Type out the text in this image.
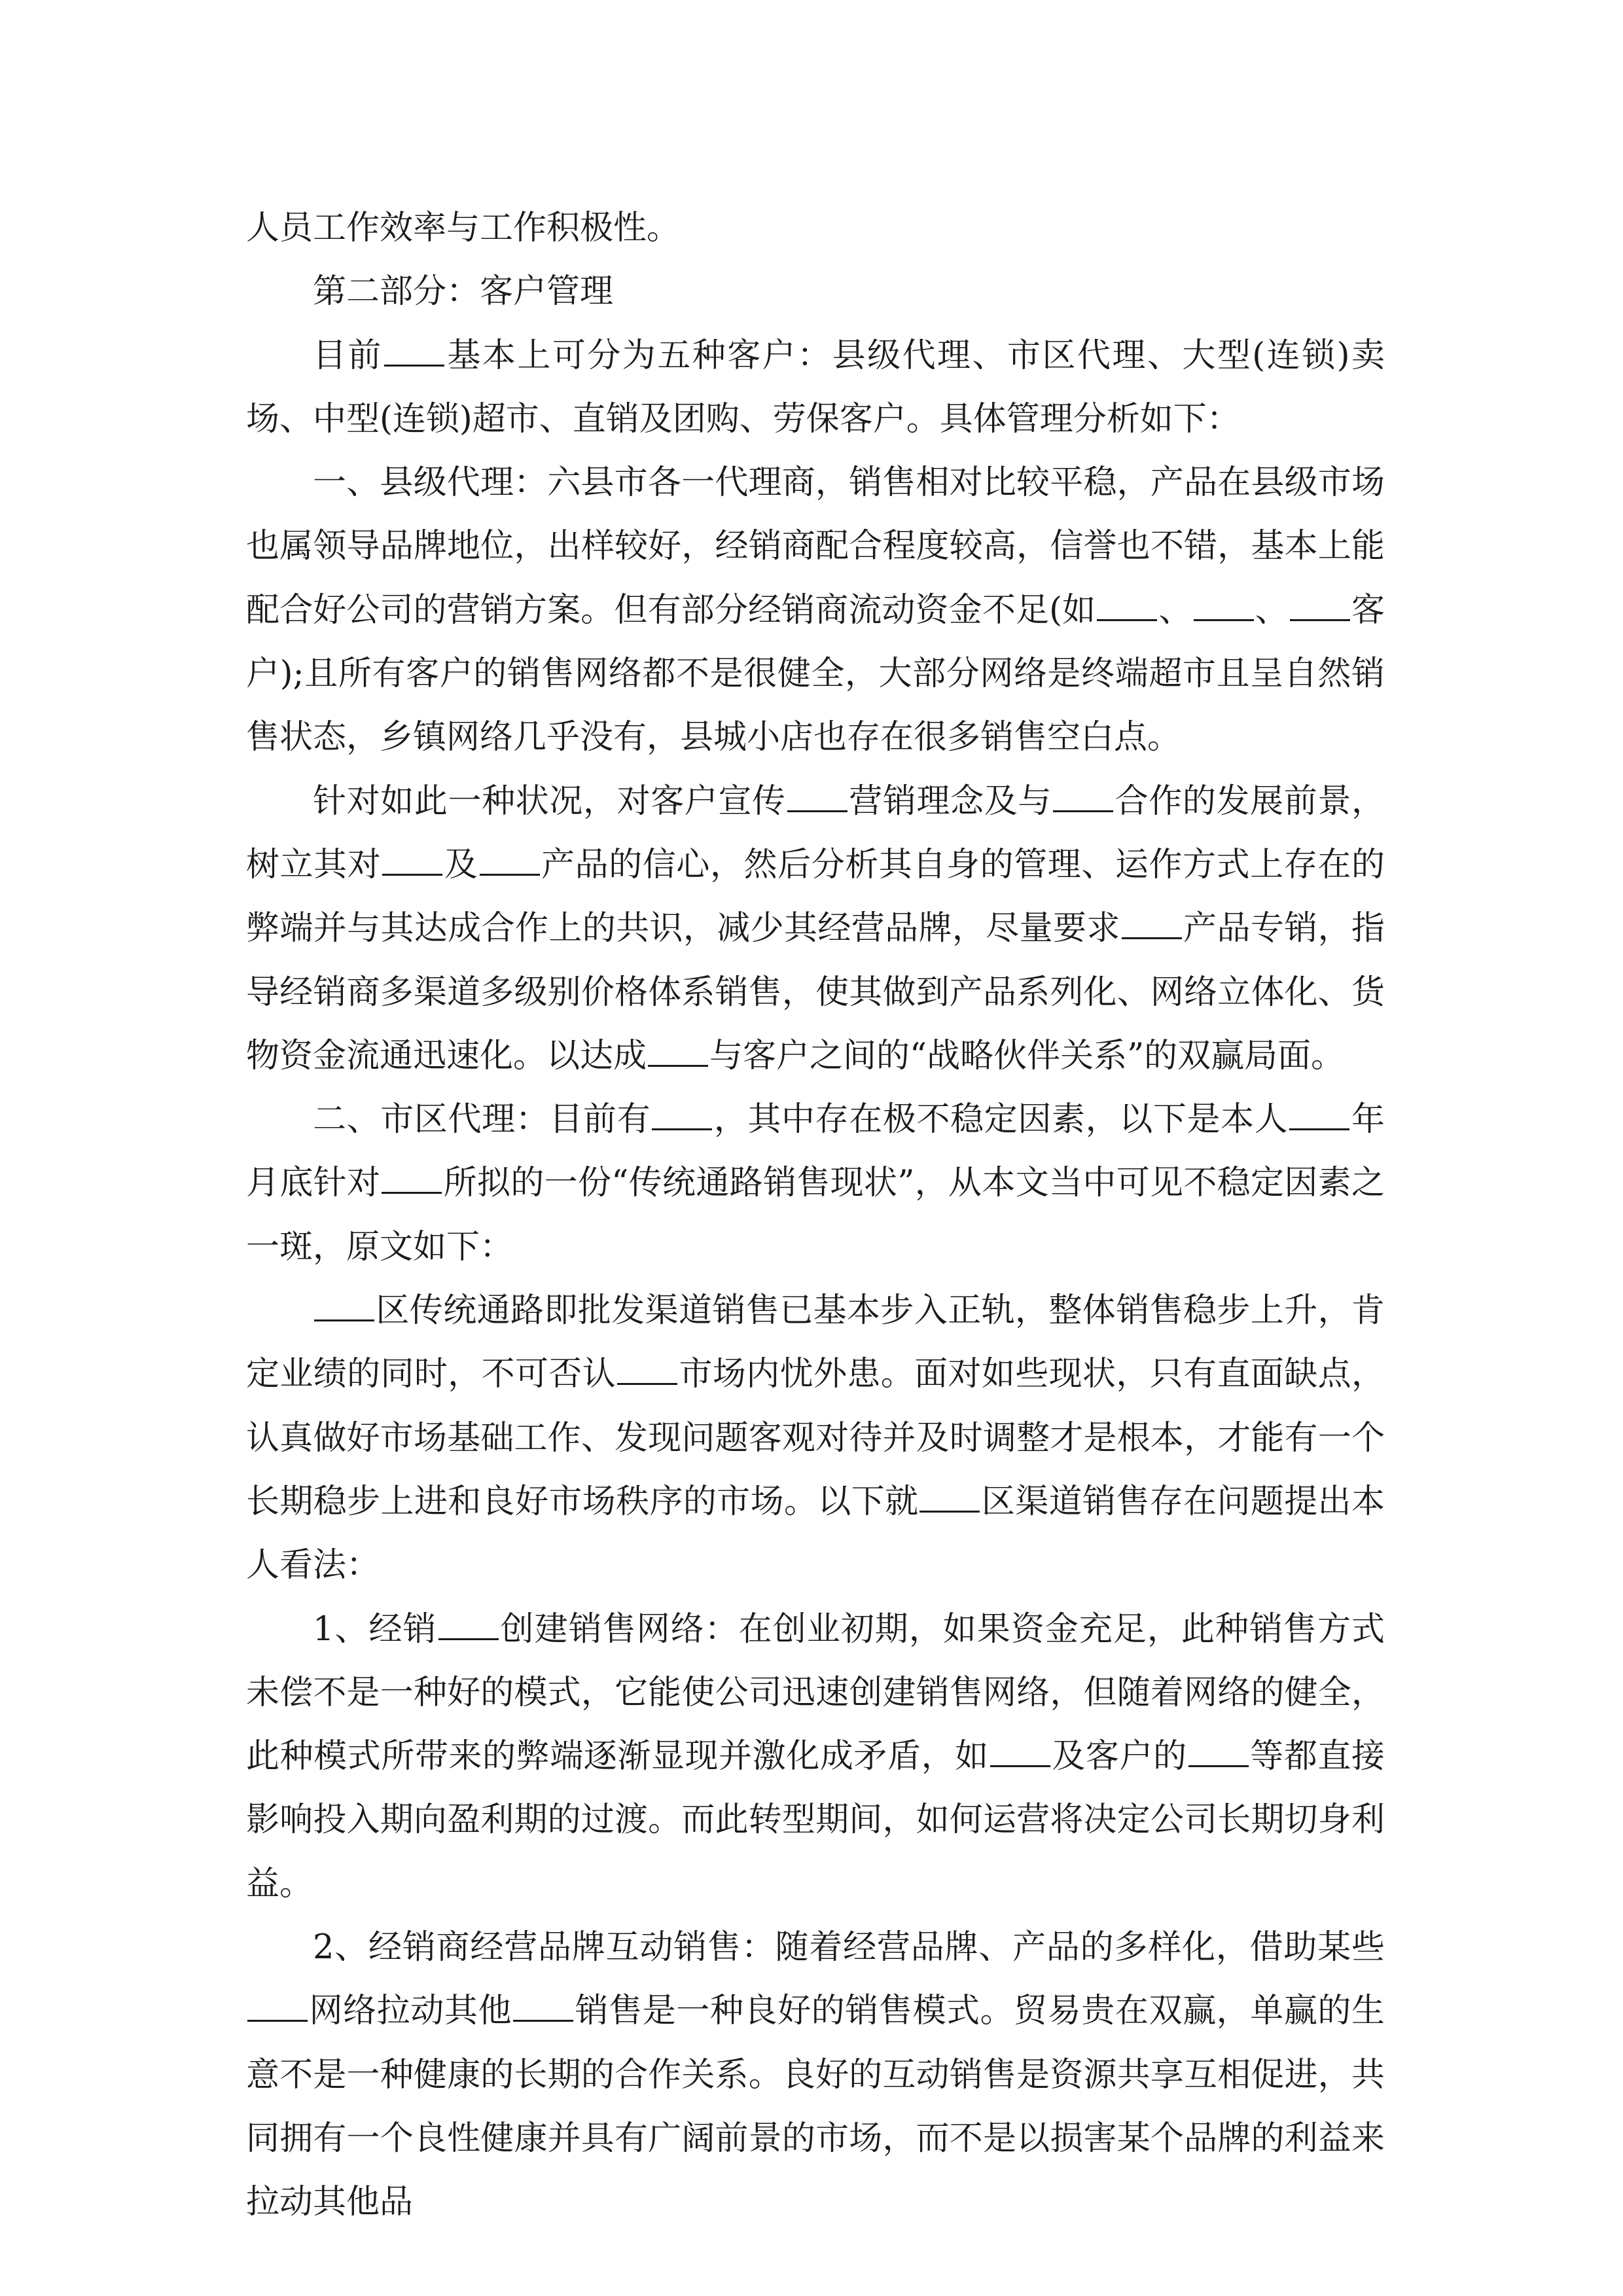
人员工作效率与工作积极性。

第二部分：客户管理

目前 基本上可分为五种客户：县级代理、市区代理、大型(连锁)卖场、中型(连锁)超市、直销及团购、劳保客户。具体管理分析如下：

一、县级代理：六县市各一代理商，销售相对比较平稳，产品在县级市场也属领导品牌地位，出样较好，经销商配合程度较高，信誉也不错，基本上能配合好公司的营销方案。但有部分经销商流动资金不足(如 、 、 客户);且所有客户的销售网络都不是很健全，大部分网络是终端超市且呈自然销售状态，乡镇网络几乎没有，县城小店也存在很多销售空白点。

针对如此一种状况，对客户宣传 营销理念及与 合作的发展前景，树立其对 及 产品的信心，然后分析其自身的管理、运作方式上存在的弊端并与其达成合作上的共识，减少其经营品牌，尽量要求 产品专销，指导经销商多渠道多级别价格体系销售，使其做到产品系列化、网络立体化、货物资金流通迅速化。以达成 与客户之间的“战略伙伴关系”的双赢局面。

二、市区代理：目前有 ，其中存在极不稳定因素，以下是本人 年月底针对 所拟的一份“传统通路销售现状”，从本文当中可见不稳定因素之一斑，原文如下：

区传统通路即批发渠道销售已基本步入正轨，整体销售稳步上升，肯定业绩的同时，不可否认 市场内忧外患。面对如些现状，只有直面缺点，认真做好市场基础工作、发现问题客观对待并及时调整才是根本，才能有一个长期稳步上进和良好市场秩序的市场。以下就 区渠道销售存在问题提出本人看法：

1、经销 创建销售网络：在创业初期，如果资金充足，此种销售方式未偿不是一种好的模式，它能使公司迅速创建销售网络，但随着网络的健全，此种模式所带来的弊端逐渐显现并激化成矛盾，如 及客户的 等都直接影响投入期向盈利期的过渡。而此转型期间，如何运营将决定公司长期切身利益。

2、经销商经营品牌互动销售：随着经营品牌、产品的多样化，借助某些网络拉动其他 销售是一种良好的销售模式。贸易贵在双赢，单赢的生意不是一种健康的长期的合作关系。良好的互动销售是资源共享互相促进，共同拥有一个良性健康并具有广阔前景的市场，而不是以损害某个品牌的利益来拉动其他品
